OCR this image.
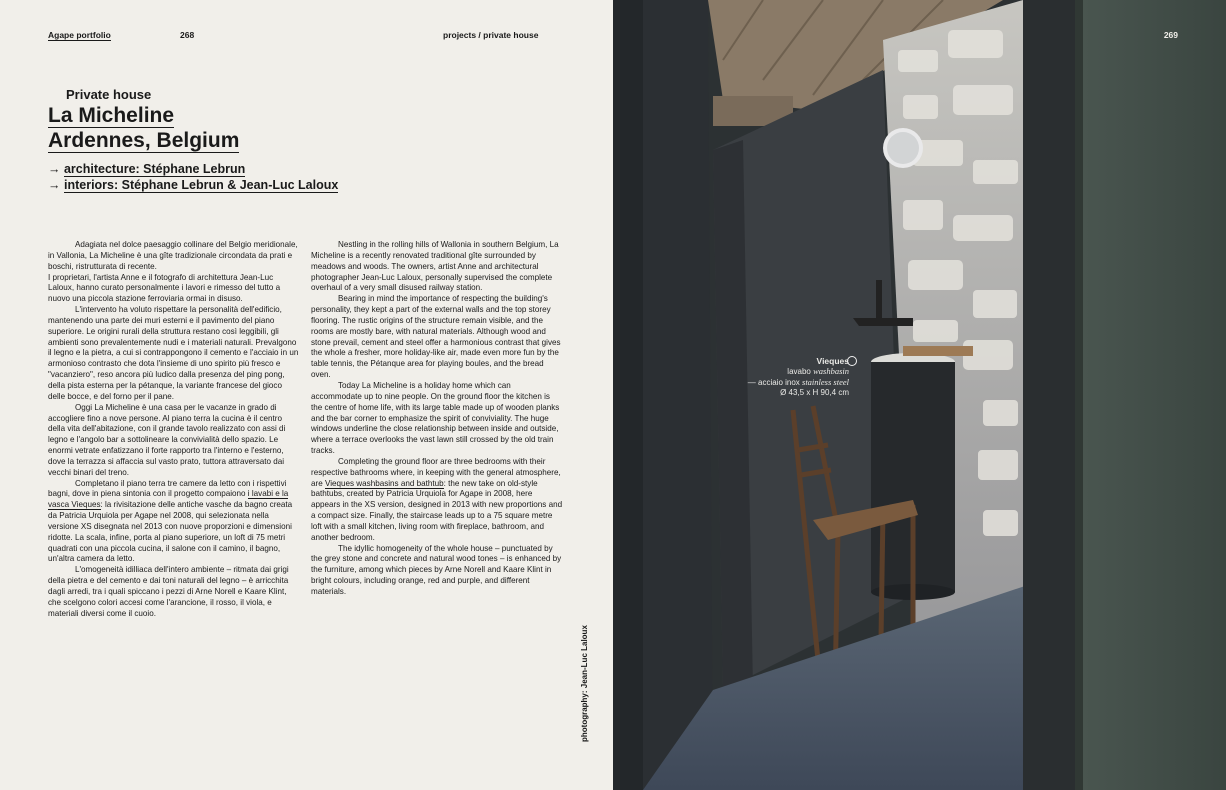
Agape portfolio	268	projects / private house
Private house
La Micheline
Ardennes, Belgium
→ architecture: Stéphane Lebrun
→ interiors: Stéphane Lebrun & Jean-Luc Laloux

Adagiata nel dolce paesaggio collinare del Belgio meridionale, in Vallonia, La Micheline è una gîte tradizionale circondata da prati e boschi, ristrutturata di recente.

I proprietari, l'artista Anne e il fotografo di architettura Jean-Luc Laloux, hanno curato personalmente i lavori e rimesso del tutto a nuovo una piccola stazione ferroviaria ormai in disuso.

L'intervento ha voluto rispettare la personalità dell'edificio, mantenendo una parte dei muri esterni e il pavimento del piano superiore. Le origini rurali della struttura restano così leggibili, gli ambienti sono prevalentemente nudi e i materiali naturali. Prevalgono il legno e la pietra, a cui si contrappongono il cemento e l'acciaio in un armonioso contrasto che dota l'insieme di uno spirito più fresco e "vacanziero", reso ancora più ludico dalla presenza del ping pong, della pista esterna per la pétanque, la variante francese del gioco delle bocce, e del forno per il pane.

Oggi La Micheline è una casa per le vacanze in grado di accogliere fino a nove persone. Al piano terra la cucina è il centro della vita dell'abitazione, con il grande tavolo realizzato con assi di legno e l'angolo bar a sottolineare la convivialità dello spazio. Le enormi vetrate enfatizzano il forte rapporto tra l'interno e l'esterno, dove la terrazza si affaccia sul vasto prato, tuttora attraversato dai vecchi binari del treno.

Completano il piano terra tre camere da letto con i rispettivi bagni, dove in piena sintonia con il progetto compaiono i lavabi e la vasca Vieques: la rivisitazione delle antiche vasche da bagno creata da Patricia Urquiola per Agape nel 2008, qui selezionata nella versione XS disegnata nel 2013 con nuove proporzioni e dimensioni ridotte. La scala, infine, porta al piano superiore, un loft di 75 metri quadrati con una piccola cucina, il salone con il camino, il bagno, un'altra camera da letto.

L'omogeneità idilliaca dell'intero ambiente – ritmata dai grigi della pietra e del cemento e dai toni naturali del legno – è arricchita dagli arredi, tra i quali spiccano i pezzi di Arne Norell e Kaare Klint, che scelgono colori accesi come l'arancione, il rosso, il viola, e materiali diversi come il cuoio.

Nestling in the rolling hills of Wallonia in southern Belgium, La Micheline is a recently renovated traditional gîte surrounded by meadows and woods. The owners, artist Anne and architectural photographer Jean-Luc Laloux, personally supervised the complete overhaul of a very small disused railway station.

Bearing in mind the importance of respecting the building's personality, they kept a part of the external walls and the top storey flooring. The rustic origins of the structure remain visible, and the rooms are mostly bare, with natural materials. Although wood and stone prevail, cement and steel offer a harmonious contrast that gives the whole a fresher, more holiday-like air, made even more fun by the table tennis, the Pétanque area for playing boules, and the bread oven.

Today La Micheline is a holiday home which can accommodate up to nine people. On the ground floor the kitchen is the centre of home life, with its large table made up of wooden planks and the bar corner to emphasize the spirit of conviviality. The huge windows underline the close relationship between inside and outside, where a terrace overlooks the vast lawn still crossed by the old train tracks.

Completing the ground floor are three bedrooms with their respective bathrooms where, in keeping with the general atmosphere, are Vieques washbasins and bathtub: the new take on old-style bathtubs, created by Patricia Urquiola for Agape in 2008, here appears in the XS version, designed in 2013 with new proportions and a compact size. Finally, the staircase leads up to a 75 square metre loft with a small kitchen, living room with fireplace, bathroom, and another bedroom.

The idyllic homogeneity of the whole house – punctuated by the grey stone and concrete and natural wood tones – is enhanced by the furniture, among which pieces by Arne Norell and Kaare Klint in bright colours, including orange, red and purple, and different materials.

photography: Jean-Luc Laloux
269
Vieques
lavabo washbasin
— acciaio inox stainless steel
Ø 43,5 x H 90,4 cm
